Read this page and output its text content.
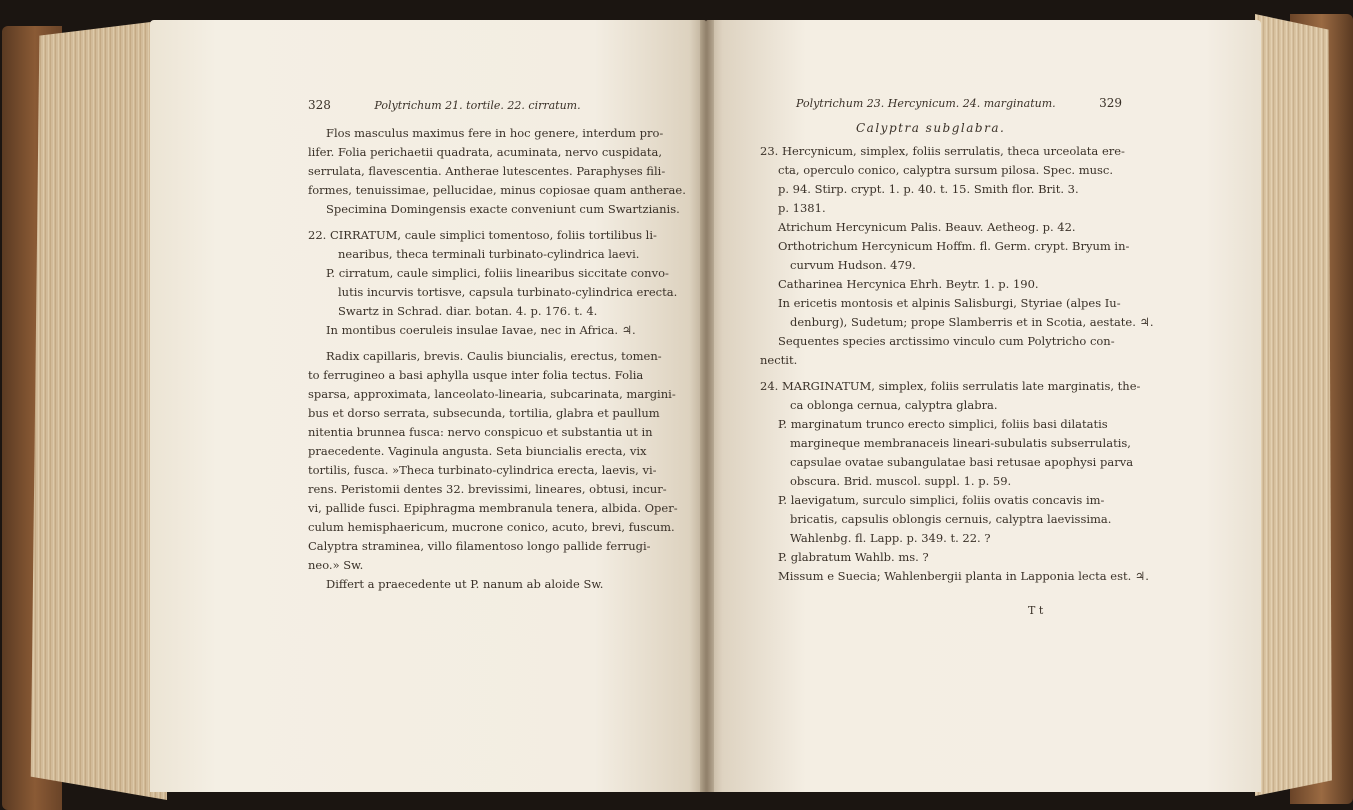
328	Polytrichum 21. tortile. 22. cirratum.
Flos masculus maximus fere in hoc genere, interdum pro-
lifer. Folia perichaetii quadrata, acuminata, nervo cuspidata,
serrulata, flavescentia. Antherae lutescentes. Paraphyses fili-
formes, tenuissimae, pellucidae, minus copiosae quam antherae.
Specimina Domingensis exacte conveniunt cum Swartzianis.
22. CIRRATUM, caule simplici tomentoso, foliis tortilibus li-
nearibus, theca terminali turbinato-cylindrica laevi.
P. cirratum, caule simplici, foliis linearibus siccitate convo-
lutis incurvis tortisve, capsula turbinato-cylindrica erecta.
Swartz in Schrad. diar. botan. 4. p. 176. t. 4.
In montibus coeruleis insulae Iavae, nec in Africa. ♃.
Radix capillaris, brevis. Caulis biuncialis, erectus, tomen-
to ferrugineo a basi aphylla usque inter folia tectus. Folia
sparsa, approximata, lanceolato-linearia, subcarinata, margini-
bus et dorso serrata, subsecunda, tortilia, glabra et paullum
nitentia brunnea fusca: nervo conspicuo et substantia ut in
praecedente. Vaginula angusta. Seta biuncialis erecta, vix
tortilis, fusca. »Theca turbinato-cylindrica erecta, laevis, vi-
rens. Peristomii dentes 32. brevissimi, lineares, obtusi, incur-
vi, pallide fusci. Epiphragma membranula tenera, albida. Oper-
culum hemisphaericum, mucrone conico, acuto, brevi, fuscum.
Calyptra straminea, villo filamentoso longo pallide ferrugi-
neo.» Sw.
Differt a praecedente ut P. nanum ab aloide Sw.
Polytrichum 23. Hercynicum. 24. marginatum.	329
Calyptra subglabra.
23. Hercynicum, simplex, foliis serrulatis, theca urceolata ere-
cta, operculo conico, calyptra sursum pilosa. Spec. musc.
p. 94. Stirp. crypt. 1. p. 40. t. 15. Smith flor. Brit. 3.
p. 1381.
Atrichum Hercynicum Palis. Beauv. Aetheog. p. 42.
Orthotrichum Hercynicum Hoffm. fl. Germ. crypt. Bryum in-
curvum Hudson. 479.
Catharinea Hercynica Ehrh. Beytr. 1. p. 190.
In ericetis montosis et alpinis Salisburgi, Styriae (alpes Iu-
denburg), Sudetum; prope Slamberris et in Scotia, aestate. ♃.
Sequentes species arctissimo vinculo cum Polytricho con-
nectit.
24. MARGINATUM, simplex, foliis serrulatis late marginatis, the-
ca oblonga cernua, calyptra glabra.
P. marginatum trunco erecto simplici, foliis basi dilatatis
margineque membranaceis lineari-subulatis subserrulatis,
capsulae ovatae subangulatae basi retusae apophysi parva
obscura. Brid. muscol. suppl. 1. p. 59.
P. laevigatum, surculo simplici, foliis ovatis concavis im-
bricatis, capsulis oblongis cernuis, calyptra laevissima.
Wahlenbg. fl. Lapp. p. 349. t. 22. ?
P. glabratum Wahlb. ms. ?
Missum e Suecia; Wahlenbergii planta in Lapponia lecta est. ♃.
T t
